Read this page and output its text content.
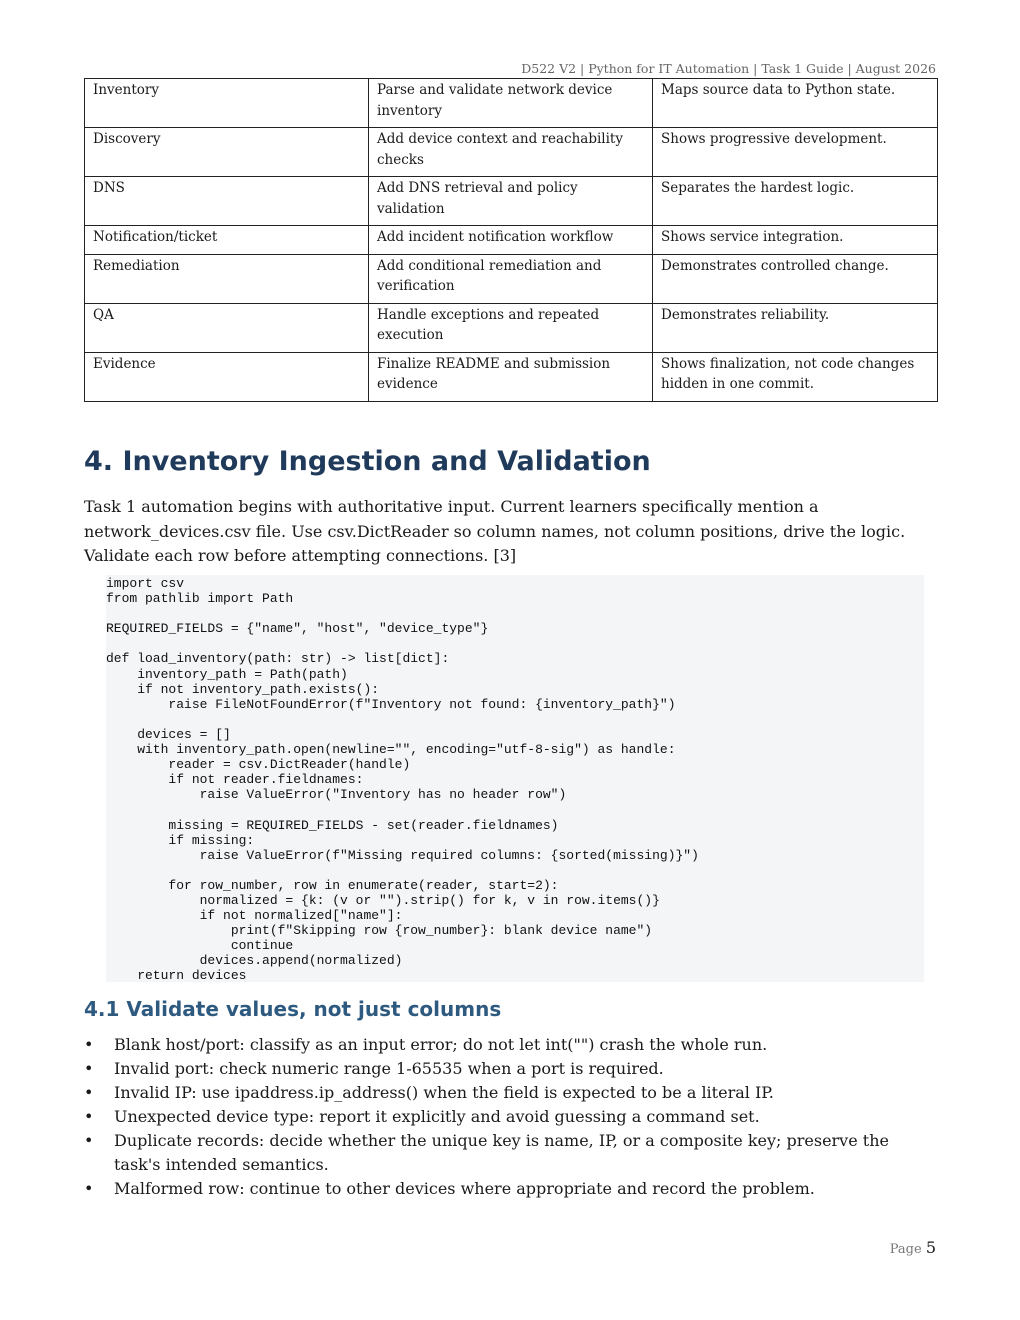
D522 V2 | Python for IT Automation | Task 1 Guide | August 2026
Inventory	Parse and validate network device inventory	Maps source data to Python state.
Discovery	Add device context and reachability checks	Shows progressive development.
DNS	Add DNS retrieval and policy validation	Separates the hardest logic.
Notification/ticket	Add incident notification workflow	Shows service integration.
Remediation	Add conditional remediation and verification	Demonstrates controlled change.
QA	Handle exceptions and repeated execution	Demonstrates reliability.
Evidence	Finalize README and submission evidence	Shows finalization, not code changes hidden in one commit.
4. Inventory Ingestion and Validation

Task 1 automation begins with authoritative input. Current learners specifically mention a network_devices.csv file. Use csv.DictReader so column names, not column positions, drive the logic. Validate each row before attempting connections. [3]

import csv
from pathlib import Path

REQUIRED_FIELDS = {"name", "host", "device_type"}

def load_inventory(path: str) -> list[dict]:
inventory_path = Path(path)
if not inventory_path.exists():
raise FileNotFoundError(f"Inventory not found: {inventory_path}")

devices = []
with inventory_path.open(newline="", encoding="utf-8-sig") as handle:
reader = csv.DictReader(handle)
if not reader.fieldnames:
raise ValueError("Inventory has no header row")

missing = REQUIRED_FIELDS - set(reader.fieldnames)
if missing:
raise ValueError(f"Missing required columns: {sorted(missing)}")

for row_number, row in enumerate(reader, start=2):
normalized = {k: (v or "").strip() for k, v in row.items()}
if not normalized["name"]:
print(f"Skipping row {row_number}: blank device name")
continue
devices.append(normalized)
return devices
4.1 Validate values, not just columns
• Blank host/port: classify as an input error; do not let int("") crash the whole run.
• Invalid port: check numeric range 1-65535 when a port is required.
• Invalid IP: use ipaddress.ip_address() when the field is expected to be a literal IP.
• Unexpected device type: report it explicitly and avoid guessing a command set.
• Duplicate records: decide whether the unique key is name, IP, or a composite key; preserve the task's intended semantics.
• Malformed row: continue to other devices where appropriate and record the problem.
Page 5
